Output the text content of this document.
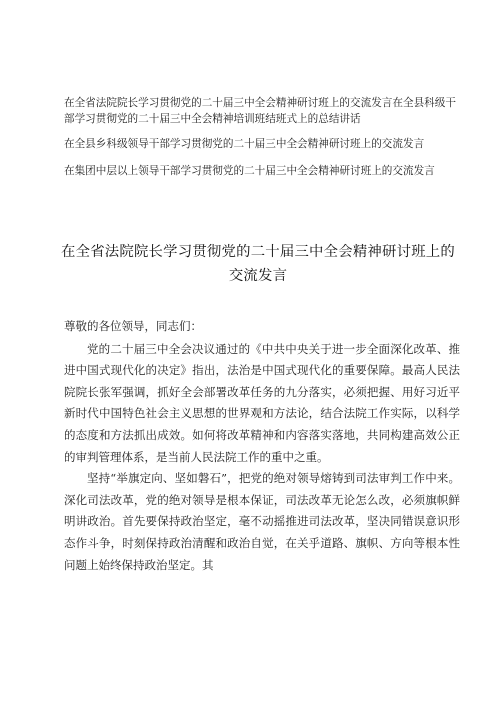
在全省法院院长学习贯彻党的二十届三中全会精神研讨班上的交流发言在全县科级干部学习贯彻党的二十届三中全会精神培训班结班式上的总结讲话
在全县乡科级领导干部学习贯彻党的二十届三中全会精神研讨班上的交流发言
在集团中层以上领导干部学习贯彻党的二十届三中全会精神研讨班上的交流发言
在全省法院院长学习贯彻党的二十届三中全会精神研讨班上的交流发言

尊敬的各位领导，同志们：

党的二十届三中全会决议通过的《中共中央关于进一步全面深化改革、推进中国式现代化的决定》指出，法治是中国式现代化的重要保障。最高人民法院院长张军强调，抓好全会部署改革任务的九分落实，必须把握、用好习近平新时代中国特色社会主义思想的世界观和方法论，结合法院工作实际，以科学的态度和方法抓出成效。如何将改革精神和内容落实落地，共同构建高效公正的审判管理体系，是当前人民法院工作的重中之重。

坚持“举旗定向、坚如磐石”，把党的绝对领导熔铸到司法审判工作中来。深化司法改革，党的绝对领导是根本保证，司法改革无论怎么改，必须旗帜鲜明讲政治。首先要保持政治坚定，毫不动摇推进司法改革，坚决同错误意识形态作斗争，时刻保持政治清醒和政治自觉，在关乎道路、旗帜、方向等根本性问题上始终保持政治坚定。其
